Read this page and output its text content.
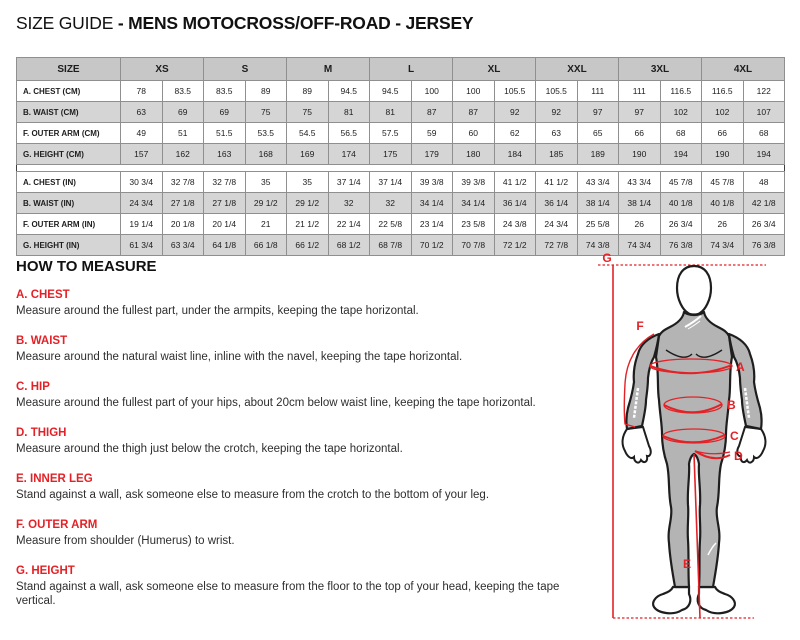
SIZE GUIDE - MENS MOTOCROSS/OFF-ROAD - JERSEY
SIZE	XS		S		M		L		XL		XXL		3XL		4XL	
A. CHEST (CM)	78	83.5	83.5	89	89	94.5	94.5	100	100	105.5	105.5	111	111	116.5	116.5	122
B. WAIST (CM)	63	69	69	75	75	81	81	87	87	92	92	97	97	102	102	107
F. OUTER ARM (CM)	49	51	51.5	53.5	54.5	56.5	57.5	59	60	62	63	65	66	68	66	68
G. HEIGHT (CM)	157	162	163	168	169	174	175	179	180	184	185	189	190	194	190	194

A. CHEST (IN)	30 3/4	32 7/8	32 7/8	35	35	37 1/4	37 1/4	39 3/8	39 3/8	41 1/2	41 1/2	43 3/4	43 3/4	45 7/8	45 7/8	48
B. WAIST (IN)	24 3/4	27 1/8	27 1/8	29 1/2	29 1/2	32	32	34 1/4	34 1/4	36 1/4	36 1/4	38 1/4	38 1/4	40 1/8	40 1/8	42 1/8
F. OUTER ARM (IN)	19 1/4	20 1/8	20 1/4	21	21 1/2	22 1/4	22 5/8	23 1/4	23 5/8	24 3/8	24 3/4	25 5/8	26	26 3/4	26	26 3/4
G. HEIGHT (IN)	61 3/4	63 3/4	64 1/8	66 1/8	66 1/2	68 1/2	68 7/8	70 1/2	70 7/8	72 1/2	72 7/8	74 3/8	74 3/4	76 3/8	74 3/4	76 3/8
HOW TO MEASURE

A. CHEST

Measure around the fullest part, under the armpits, keeping the tape horizontal.

B. WAIST

Measure around the natural waist line, inline with the navel, keeping the tape horizontal.

C. HIP

Measure around the fullest part of your hips, about 20cm below waist line, keeping the tape horizontal.

D. THIGH

Measure around the thigh just below the crotch, keeping the tape horizontal.

E. INNER LEG

Stand against a wall, ask someone else to measure from the crotch to the bottom of your leg.

F. OUTER ARM

Measure from shoulder (Humerus) to wrist.

G. HEIGHT

Stand against a wall, ask someone else to measure from the floor to the top of your head, keeping the tape vertical.

G
F
A
B
C
D
E
